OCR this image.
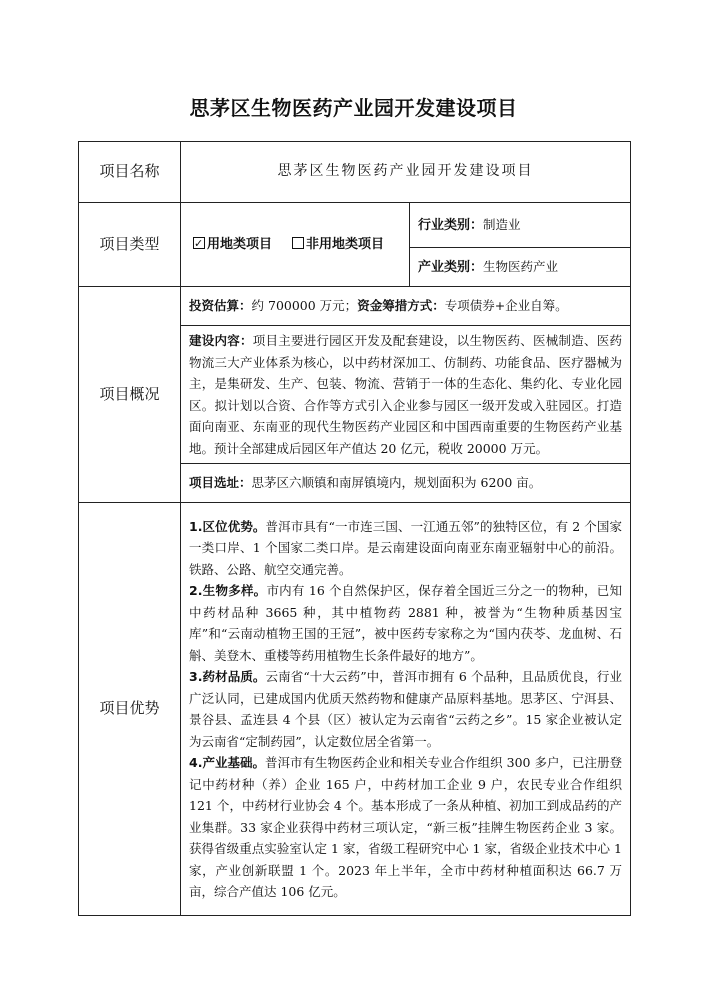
思茅区生物医药产业园开发建设项目
项目名称	思茅区生物医药产业园开发建设项目	
项目类型	✓用地类项目 非用地类项目	行业类别：制造业
		产业类别：生物医药产业
项目概况	投资估算：约 700000 万元；资金筹措方式：专项债券+企业自筹。	
	建设内容：项目主要进行园区开发及配套建设，以生物医药、医械制造、医药物流三大产业体系为核心，以中药材深加工、仿制药、功能食品、医疗器械为主，是集研发、生产、包装、物流、营销于一体的生态化、集约化、专业化园区。拟计划以合资、合作等方式引入企业参与园区一级开发或入驻园区。打造面向南亚、东南亚的现代生物医药产业园区和中国西南重要的生物医药产业基地。预计全部建成后园区年产值达 20 亿元，税收 20000 万元。	
	项目选址：思茅区六顺镇和南屏镇境内，规划面积为 6200 亩。	
项目优势	1.区位优势。普洱市具有“一市连三国、一江通五邻”的独特区位，有 2 个国家一类口岸、1 个国家二类口岸。是云南建设面向南亚东南亚辐射中心的前沿。铁路、公路、航空交通完善。

2.生物多样。市内有 16 个自然保护区，保存着全国近三分之一的物种，已知中药材品种 3665 种，其中植物药 2881 种，被誉为“生物种质基因宝库”和“云南动植物王国的王冠”，被中医药专家称之为“国内茯苓、龙血树、石斛、美登木、重楼等药用植物生长条件最好的地方”。

3.药材品质。云南省“十大云药”中，普洱市拥有 6 个品种，且品质优良，行业广泛认同，已建成国内优质天然药物和健康产品原料基地。思茅区、宁洱县、景谷县、孟连县 4 个县（区）被认定为云南省“云药之乡”。15 家企业被认定为云南省“定制药园”，认定数位居全省第一。

4.产业基础。普洱市有生物医药企业和相关专业合作组织 300 多户，已注册登记中药材种（养）企业 165 户，中药材加工企业 9 户，农民专业合作组织 121 个，中药材行业协会 4 个。基本形成了一条从种植、初加工到成品药的产业集群。33 家企业获得中药材三项认定，“新三板”挂牌生物医药企业 3 家。获得省级重点实验室认定 1 家，省级工程研究中心 1 家，省级企业技术中心 1 家，产业创新联盟 1 个。2023 年上半年，全市中药材种植面积达 66.7 万亩，综合产值达 106 亿元。	
